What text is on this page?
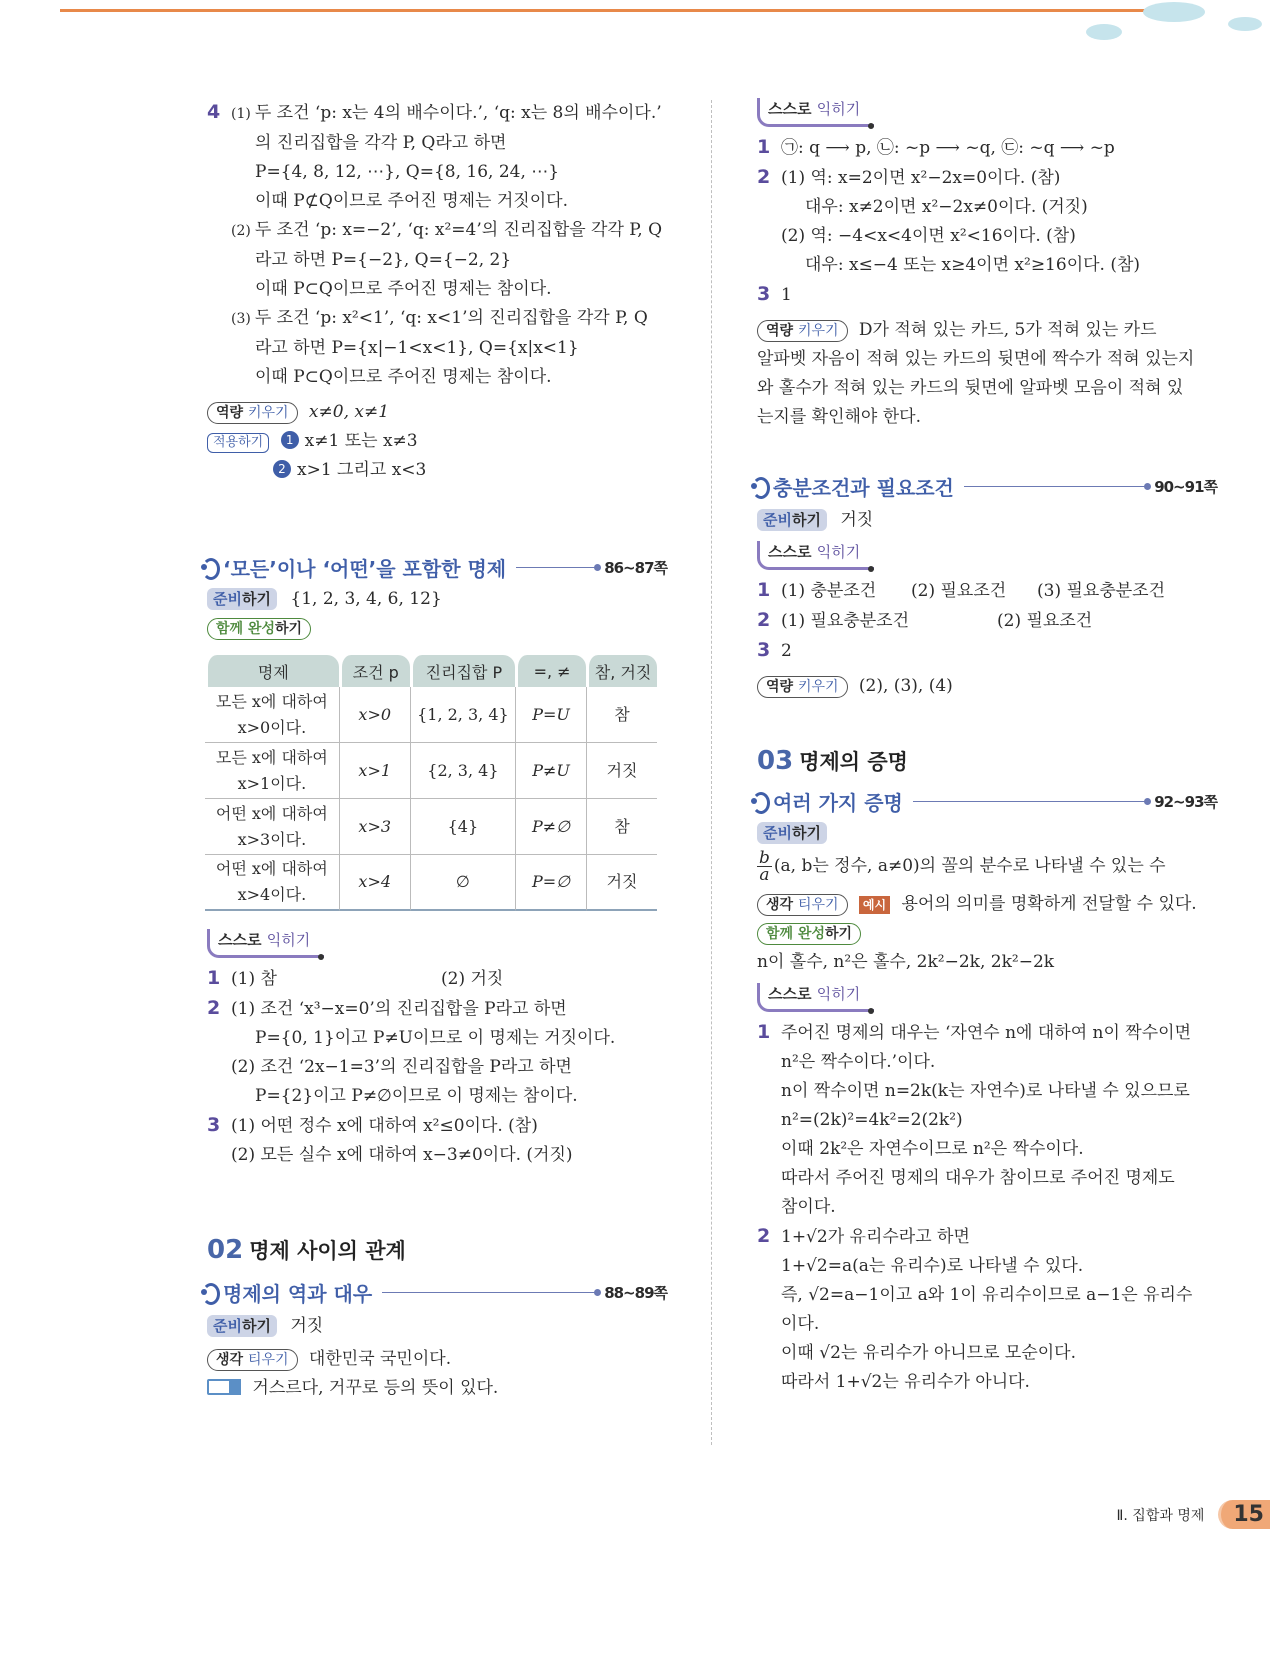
4 (1) 두 조건 ‘p: x는 4의 배수이다.’, ‘q: x는 8의 배수이다.’
의 진리집합을 각각 P, Q라고 하면
P={4, 8, 12, ⋯}, Q={8, 16, 24, ⋯}
이때 P⊄Q이므로 주어진 명제는 거짓이다.
(2) 두 조건 ‘p: x=−2’, ‘q: x²=4’의 진리집합을 각각 P, Q
라고 하면 P={−2}, Q={−2, 2}
이때 P⊂Q이므로 주어진 명제는 참이다.
(3) 두 조건 ‘p: x²<1’, ‘q: x<1’의 진리집합을 각각 P, Q
라고 하면 P={x|−1<x<1}, Q={x|x<1}
이때 P⊂Q이므로 주어진 명제는 참이다.
역량 키우기 x≠0, x≠1
적용하기 1 x≠1 또는 x≠3
2 x>1 그리고 x<3
‘모든’이나 ‘어떤’을 포함한 명제	86~87쪽
준비하기 {1, 2, 3, 4, 6, 12}
함께 완성하기
명제	조건 p	진리집합 P	=, ≠	참, 거짓

모든 x에 대하여
x>0이다.	x>0	{1, 2, 3, 4}	P=U	참

모든 x에 대하여
x>1이다.	x>1	{2, 3, 4}	P≠U	거짓

어떤 x에 대하여
x>3이다.	x>3	{4}	P≠∅	참

어떤 x에 대하여
x>4이다.	x>4	∅	P=∅	거짓
스스로 익히기
1 (1) 참	(2) 거짓
2 (1) 조건 ‘x³−x=0’의 진리집합을 P라고 하면
P={0, 1}이고 P≠U이므로 이 명제는 거짓이다.
(2) 조건 ‘2x−1=3’의 진리집합을 P라고 하면
P={2}이고 P≠∅이므로 이 명제는 참이다.
3 (1) 어떤 정수 x에 대하여 x²≤0이다. (참)
(2) 모든 실수 x에 대하여 x−3≠0이다. (거짓)
02 명제 사이의 관계
명제의 역과 대우	88~89쪽
준비하기 거짓
생각 티우기 대한민국 국민이다.
거스르다, 거꾸로 등의 뜻이 있다.
스스로 익히기
1 ㉠: q ⟶ p, ㉡: ~p ⟶ ~q, ㉢: ~q ⟶ ~p
2 (1) 역: x=2이면 x²−2x=0이다. (참)
대우: x≠2이면 x²−2x≠0이다. (거짓)
(2) 역: −4<x<4이면 x²<16이다. (참)
대우: x≤−4 또는 x≥4이면 x²≥16이다. (참)
3 1
역량 키우기 D가 적혀 있는 카드, 5가 적혀 있는 카드
알파벳 자음이 적혀 있는 카드의 뒷면에 짝수가 적혀 있는지
와 홀수가 적혀 있는 카드의 뒷면에 알파벳 모음이 적혀 있
는지를 확인해야 한다.
충분조건과 필요조건	90~91쪽
준비하기 거짓
스스로 익히기
1 (1) 충분조건 (2) 필요조건 (3) 필요충분조건
2 (1) 필요충분조건	(2) 필요조건
3 2
역량 키우기 (2), (3), (4)
03 명제의 증명
여러 가지 증명	92~93쪽
준비하기
$\frac{b}{a} (a$, b는 정수, a≠0)의 꼴의 분수로 나타낼 수 있는 수
생각 티우기 예시 용어의 의미를 명확하게 전달할 수 있다.
함께 완성하기
n이 홀수, n²은 홀수, 2k²−2k, 2k²−2k
스스로 익히기
1 주어진 명제의 대우는 ‘자연수 n에 대하여 n이 짝수이면
n²은 짝수이다.’이다.
n이 짝수이면 n=2k(k는 자연수)로 나타낼 수 있으므로
n²=(2k)²=4k²=2(2k²)
이때 2k²은 자연수이므로 n²은 짝수이다.
따라서 주어진 명제의 대우가 참이므로 주어진 명제도
참이다.
2 1+√2가 유리수라고 하면
1+√2=a(a는 유리수)로 나타낼 수 있다.
즉, √2=a−1이고 a와 1이 유리수이므로 a−1은 유리수
이다.
이때 √2는 유리수가 아니므로 모순이다.
따라서 1+√2는 유리수가 아니다.
Ⅱ. 집합과 명제	15
